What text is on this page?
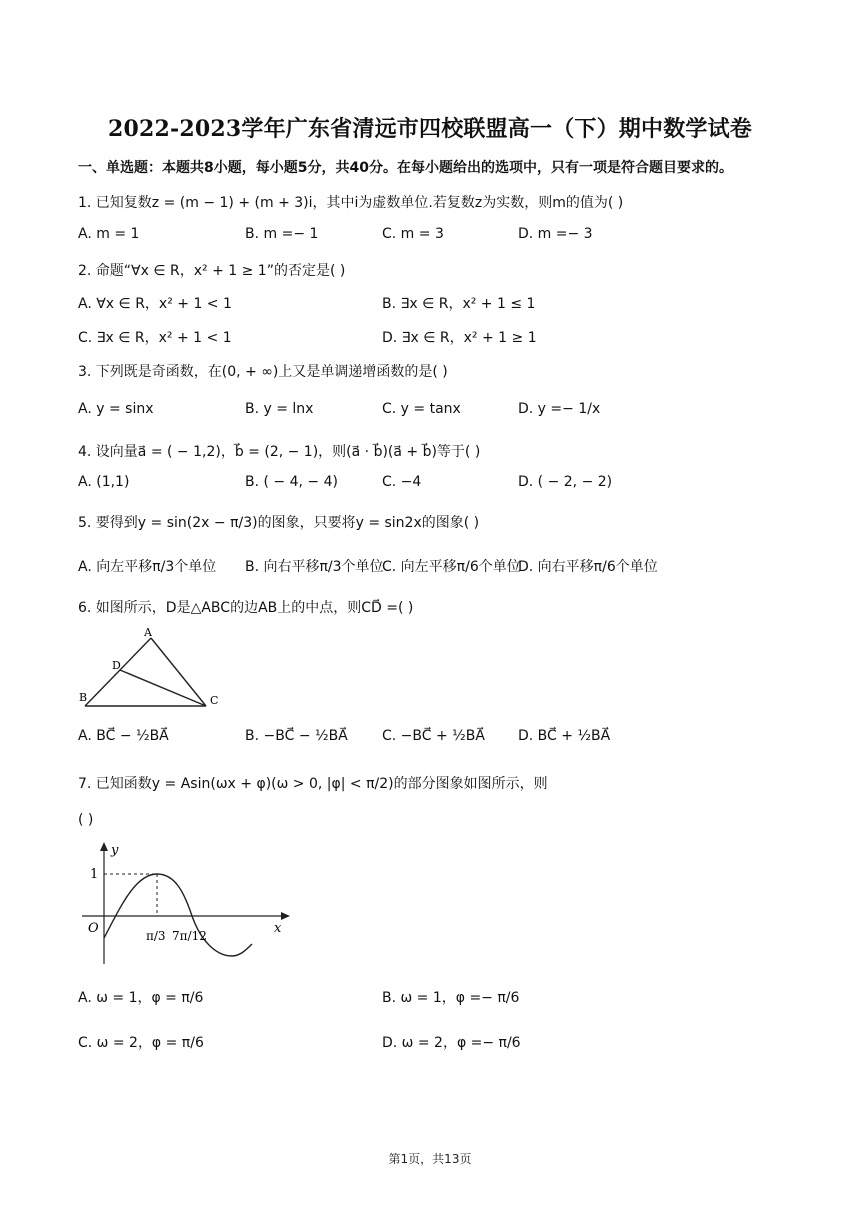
2022-2023学年广东省清远市四校联盟高一（下）期中数学试卷
一、单选题：本题共8小题，每小题5分，共40分。在每小题给出的选项中，只有一项是符合题目要求的。
1. 已知复数z = (m − 1) + (m + 3)i，其中i为虚数单位.若复数z为实数，则m的值为( )
A. m = 1	B. m =− 1	C. m = 3	D. m =− 3
2. 命题“∀x ∈ R，x² + 1 ≥ 1”的否定是( )
A. ∀x ∈ R，x² + 1 < 1	B. ∃x ∈ R，x² + 1 ≤ 1
C. ∃x ∈ R，x² + 1 < 1	D. ∃x ∈ R，x² + 1 ≥ 1
3. 下列既是奇函数，在(0, + ∞)上又是单调递增函数的是( )
A. y = sinx	B. y = lnx	C. y = tanx	D. y =− 1/x
4. 设向量a⃗ = ( − 1,2)，b⃗ = (2, − 1)，则(a⃗ · b⃗)(a⃗ + b⃗)等于( )
A. (1,1)	B. ( − 4, − 4)	C. −4	D. ( − 2, − 2)
5. 要得到y = sin(2x − π/3)的图象，只要将y = sin2x的图象( )
A. 向左平移π/3个单位 B. 向右平移π/3个单位
C. 向左平移π/6个单位
D. 向右平移π/6个单位
6. 如图所示，D是△ABC的边AB上的中点，则CD⃗ =( )
A
B	C
D
A. BC⃗ − ½BA⃗	B. −BC⃗ − ½BA⃗ C. −BC⃗ + ½BA⃗ D. BC⃗ + ½BA⃗
7. 已知函数y = Asin(ωx + φ)(ω > 0, |φ| < π/2)的部分图象如图所示，则
( )
y
x
O
1
π/3 7π/12
A. ω = 1，φ = π/6	B. ω = 1，φ =− π/6
C. ω = 2，φ = π/6	D. ω = 2，φ =− π/6
第1页，共13页
